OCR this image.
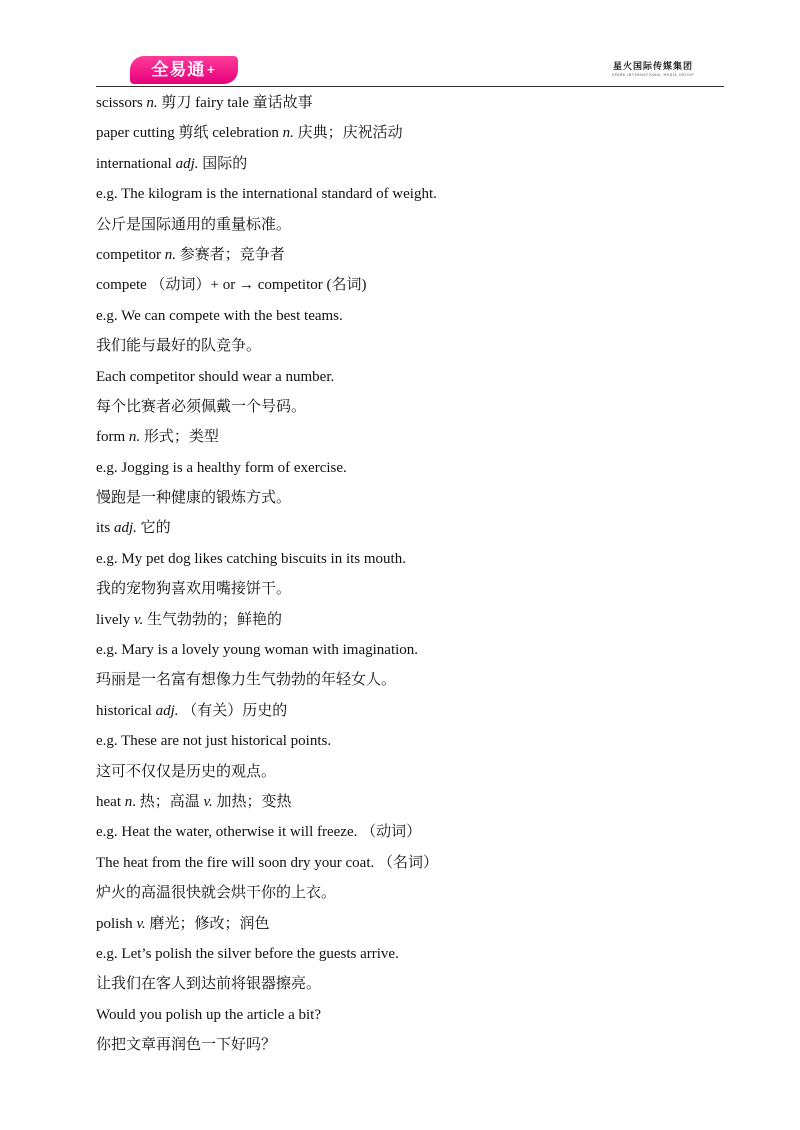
全易通+	星火国际传媒集团
SPARK INTERNATIONAL MEDIA GROUP
scissors n. 剪刀 fairy tale 童话故事
paper cutting 剪纸 celebration n. 庆典；庆祝活动
international adj. 国际的
e.g. The kilogram is the international standard of weight.
公斤是国际通用的重量标准。
competitor n. 参赛者；竞争者
compete （动词）+ or → competitor (名词)
e.g. We can compete with the best teams.
我们能与最好的队竞争。
Each competitor should wear a number.
每个比赛者必须佩戴一个号码。
form n. 形式；类型
e.g. Jogging is a healthy form of exercise.
慢跑是一种健康的锻炼方式。
its adj. 它的
e.g. My pet dog likes catching biscuits in its mouth.
我的宠物狗喜欢用嘴接饼干。
lively v. 生气勃勃的；鲜艳的
e.g. Mary is a lovely young woman with imagination.
玛丽是一名富有想像力生气勃勃的年轻女人。
historical adj. （有关）历史的
e.g. These are not just historical points.
这可不仅仅是历史的观点。
heat n. 热；高温 v. 加热；变热
e.g. Heat the water, otherwise it will freeze. （动词）
The heat from the fire will soon dry your coat. （名词）
炉火的高温很快就会烘干你的上衣。
polish v. 磨光；修改；润色
e.g. Let’s polish the silver before the guests arrive.
让我们在客人到达前将银器擦亮。
Would you polish up the article a bit?
你把文章再润色一下好吗？
